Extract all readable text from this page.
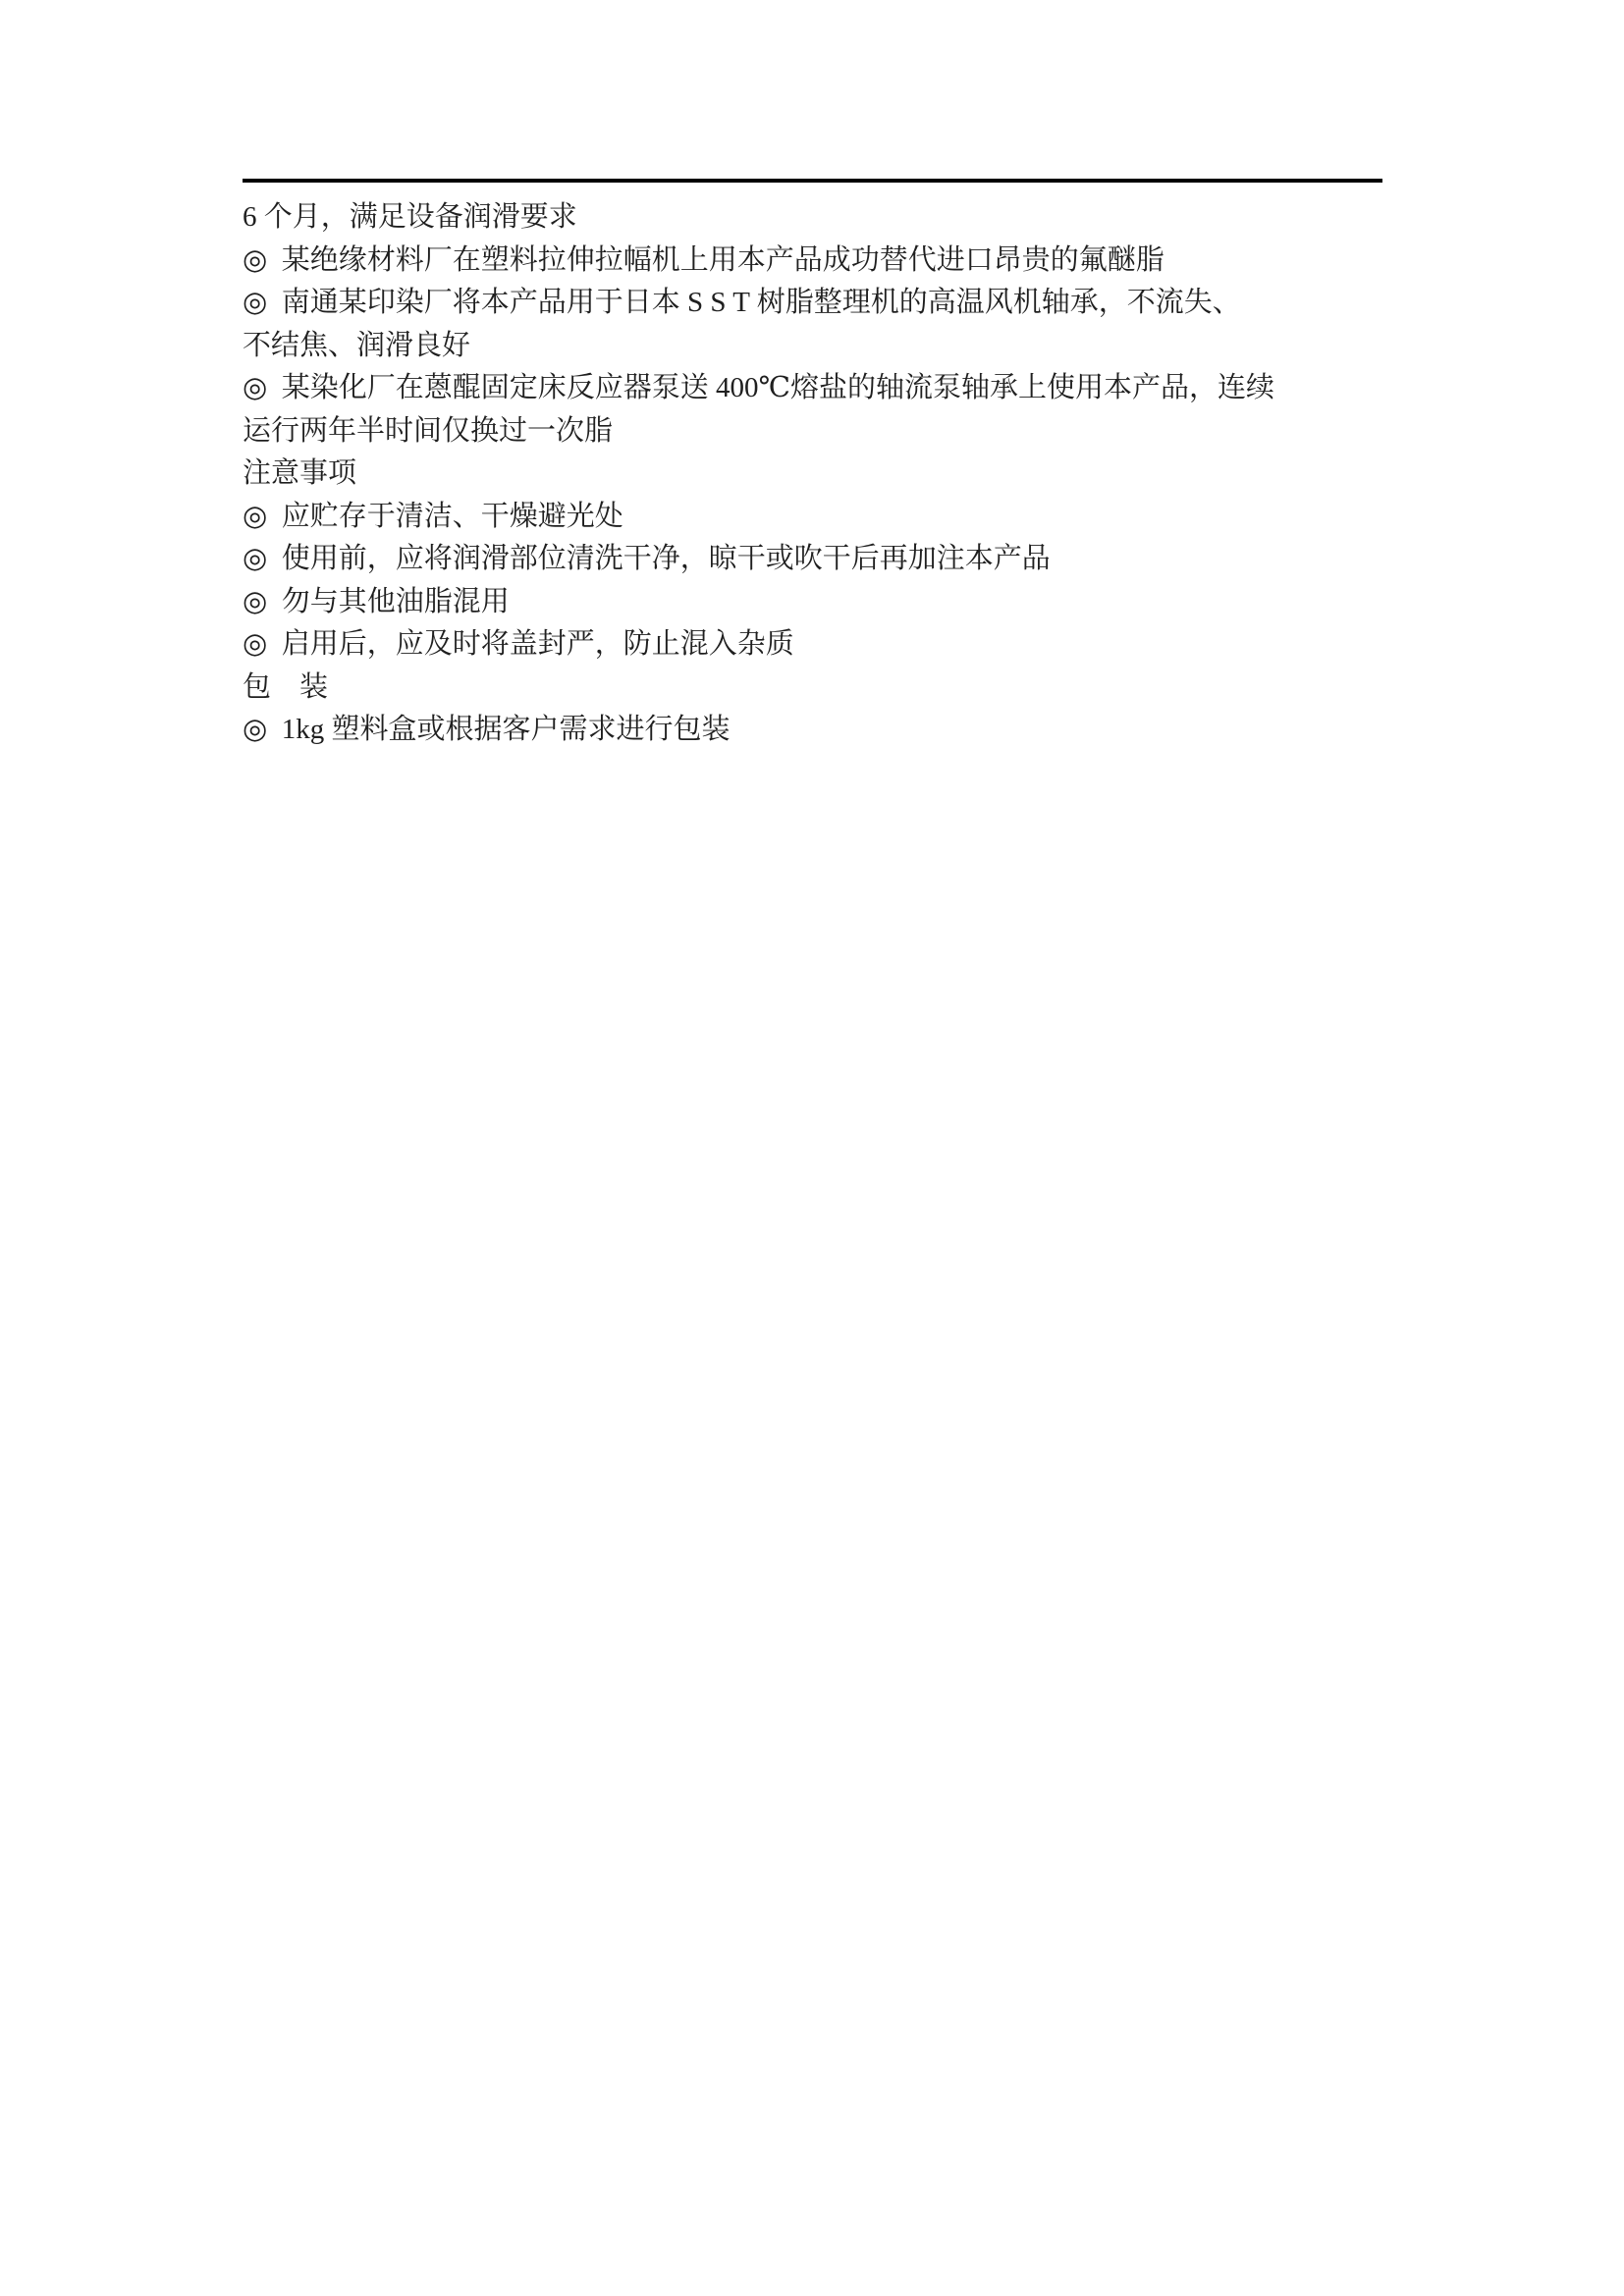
6 个月，满足设备润滑要求

◎  某绝缘材料厂在塑料拉伸拉幅机上用本产品成功替代进口昂贵的氟醚脂

◎  南通某印染厂将本产品用于日本 S S T 树脂整理机的高温风机轴承，不流失、

不结焦、润滑良好

◎  某染化厂在蒽醌固定床反应器泵送 400℃熔盐的轴流泵轴承上使用本产品，连续

运行两年半时间仅换过一次脂

注意事项

◎  应贮存于清洁、干燥避光处

◎  使用前，应将润滑部位清洗干净，晾干或吹干后再加注本产品

◎  勿与其他油脂混用

◎  启用后，应及时将盖封严，防止混入杂质

包　装

◎  1kg 塑料盒或根据客户需求进行包装
